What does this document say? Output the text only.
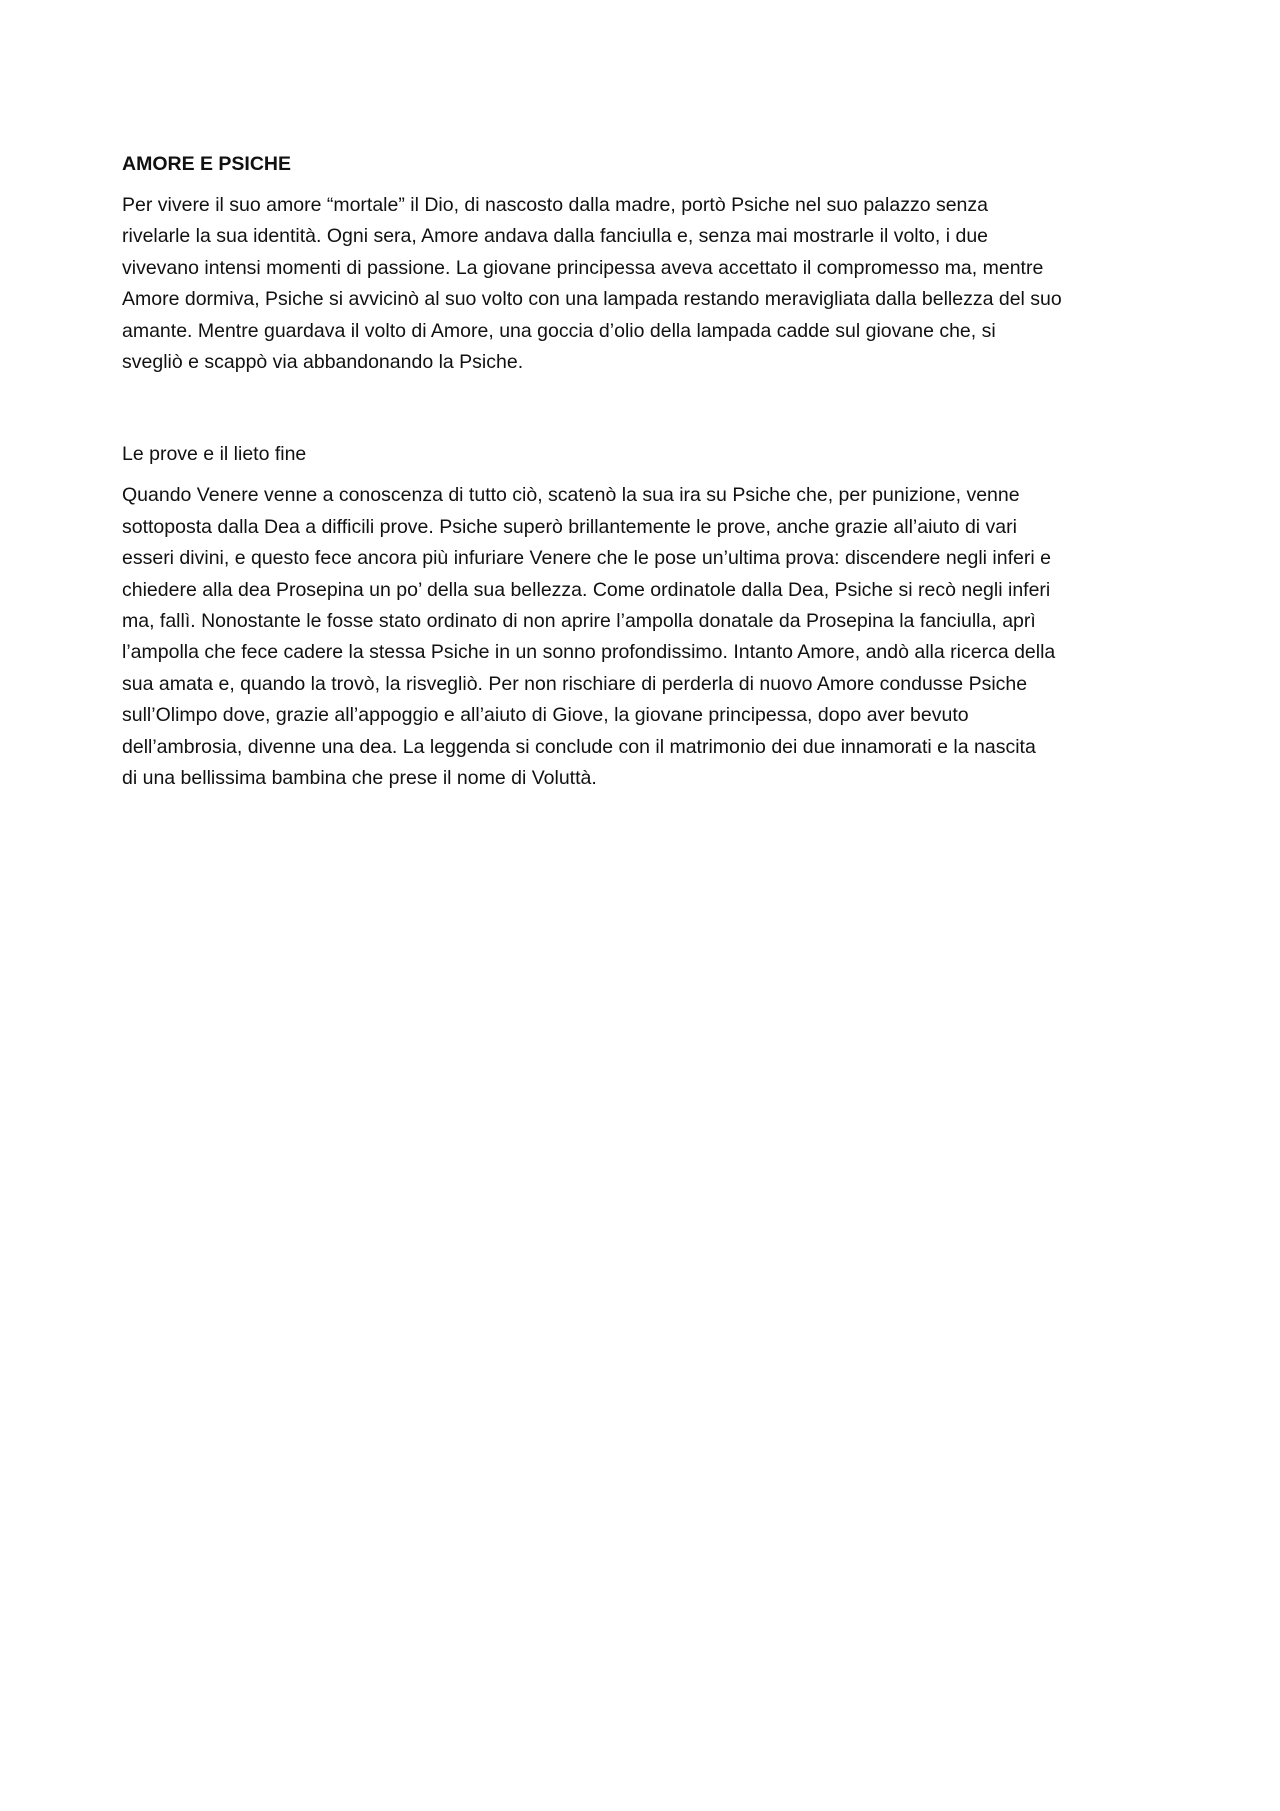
AMORE E PSICHE
Per vivere il suo amore “mortale” il Dio, di nascosto dalla madre, portò Psiche nel suo palazzo senza
rivelarle la sua identità. Ogni sera, Amore andava dalla fanciulla e, senza mai mostrarle il volto, i due
vivevano intensi momenti di passione. La giovane principessa aveva accettato il compromesso ma, mentre
Amore dormiva, Psiche si avvicinò al suo volto con una lampada restando meravigliata dalla bellezza del suo
amante. Mentre guardava il volto di Amore, una goccia d’olio della lampada cadde sul giovane che, si
svegliò e scappò via abbandonando la Psiche.
Le prove e il lieto fine
Quando Venere venne a conoscenza di tutto ciò, scatenò la sua ira su Psiche che, per punizione, venne
sottoposta dalla Dea a difficili prove. Psiche superò brillantemente le prove, anche grazie all’aiuto di vari
esseri divini, e questo fece ancora più infuriare Venere che le pose un’ultima prova: discendere negli inferi e
chiedere alla dea Prosepina un po’ della sua bellezza. Come ordinatole dalla Dea, Psiche si recò negli inferi
ma, fallì. Nonostante le fosse stato ordinato di non aprire l’ampolla donatale da Prosepina la fanciulla, aprì
l’ampolla che fece cadere la stessa Psiche in un sonno profondissimo. Intanto Amore, andò alla ricerca della
sua amata e, quando la trovò, la risvegliò. Per non rischiare di perderla di nuovo Amore condusse Psiche
sull’Olimpo dove, grazie all’appoggio e all’aiuto di Giove, la giovane principessa, dopo aver bevuto
dell’ambrosia, divenne una dea. La leggenda si conclude con il matrimonio dei due innamorati e la nascita
di una bellissima bambina che prese il nome di Voluttà.
